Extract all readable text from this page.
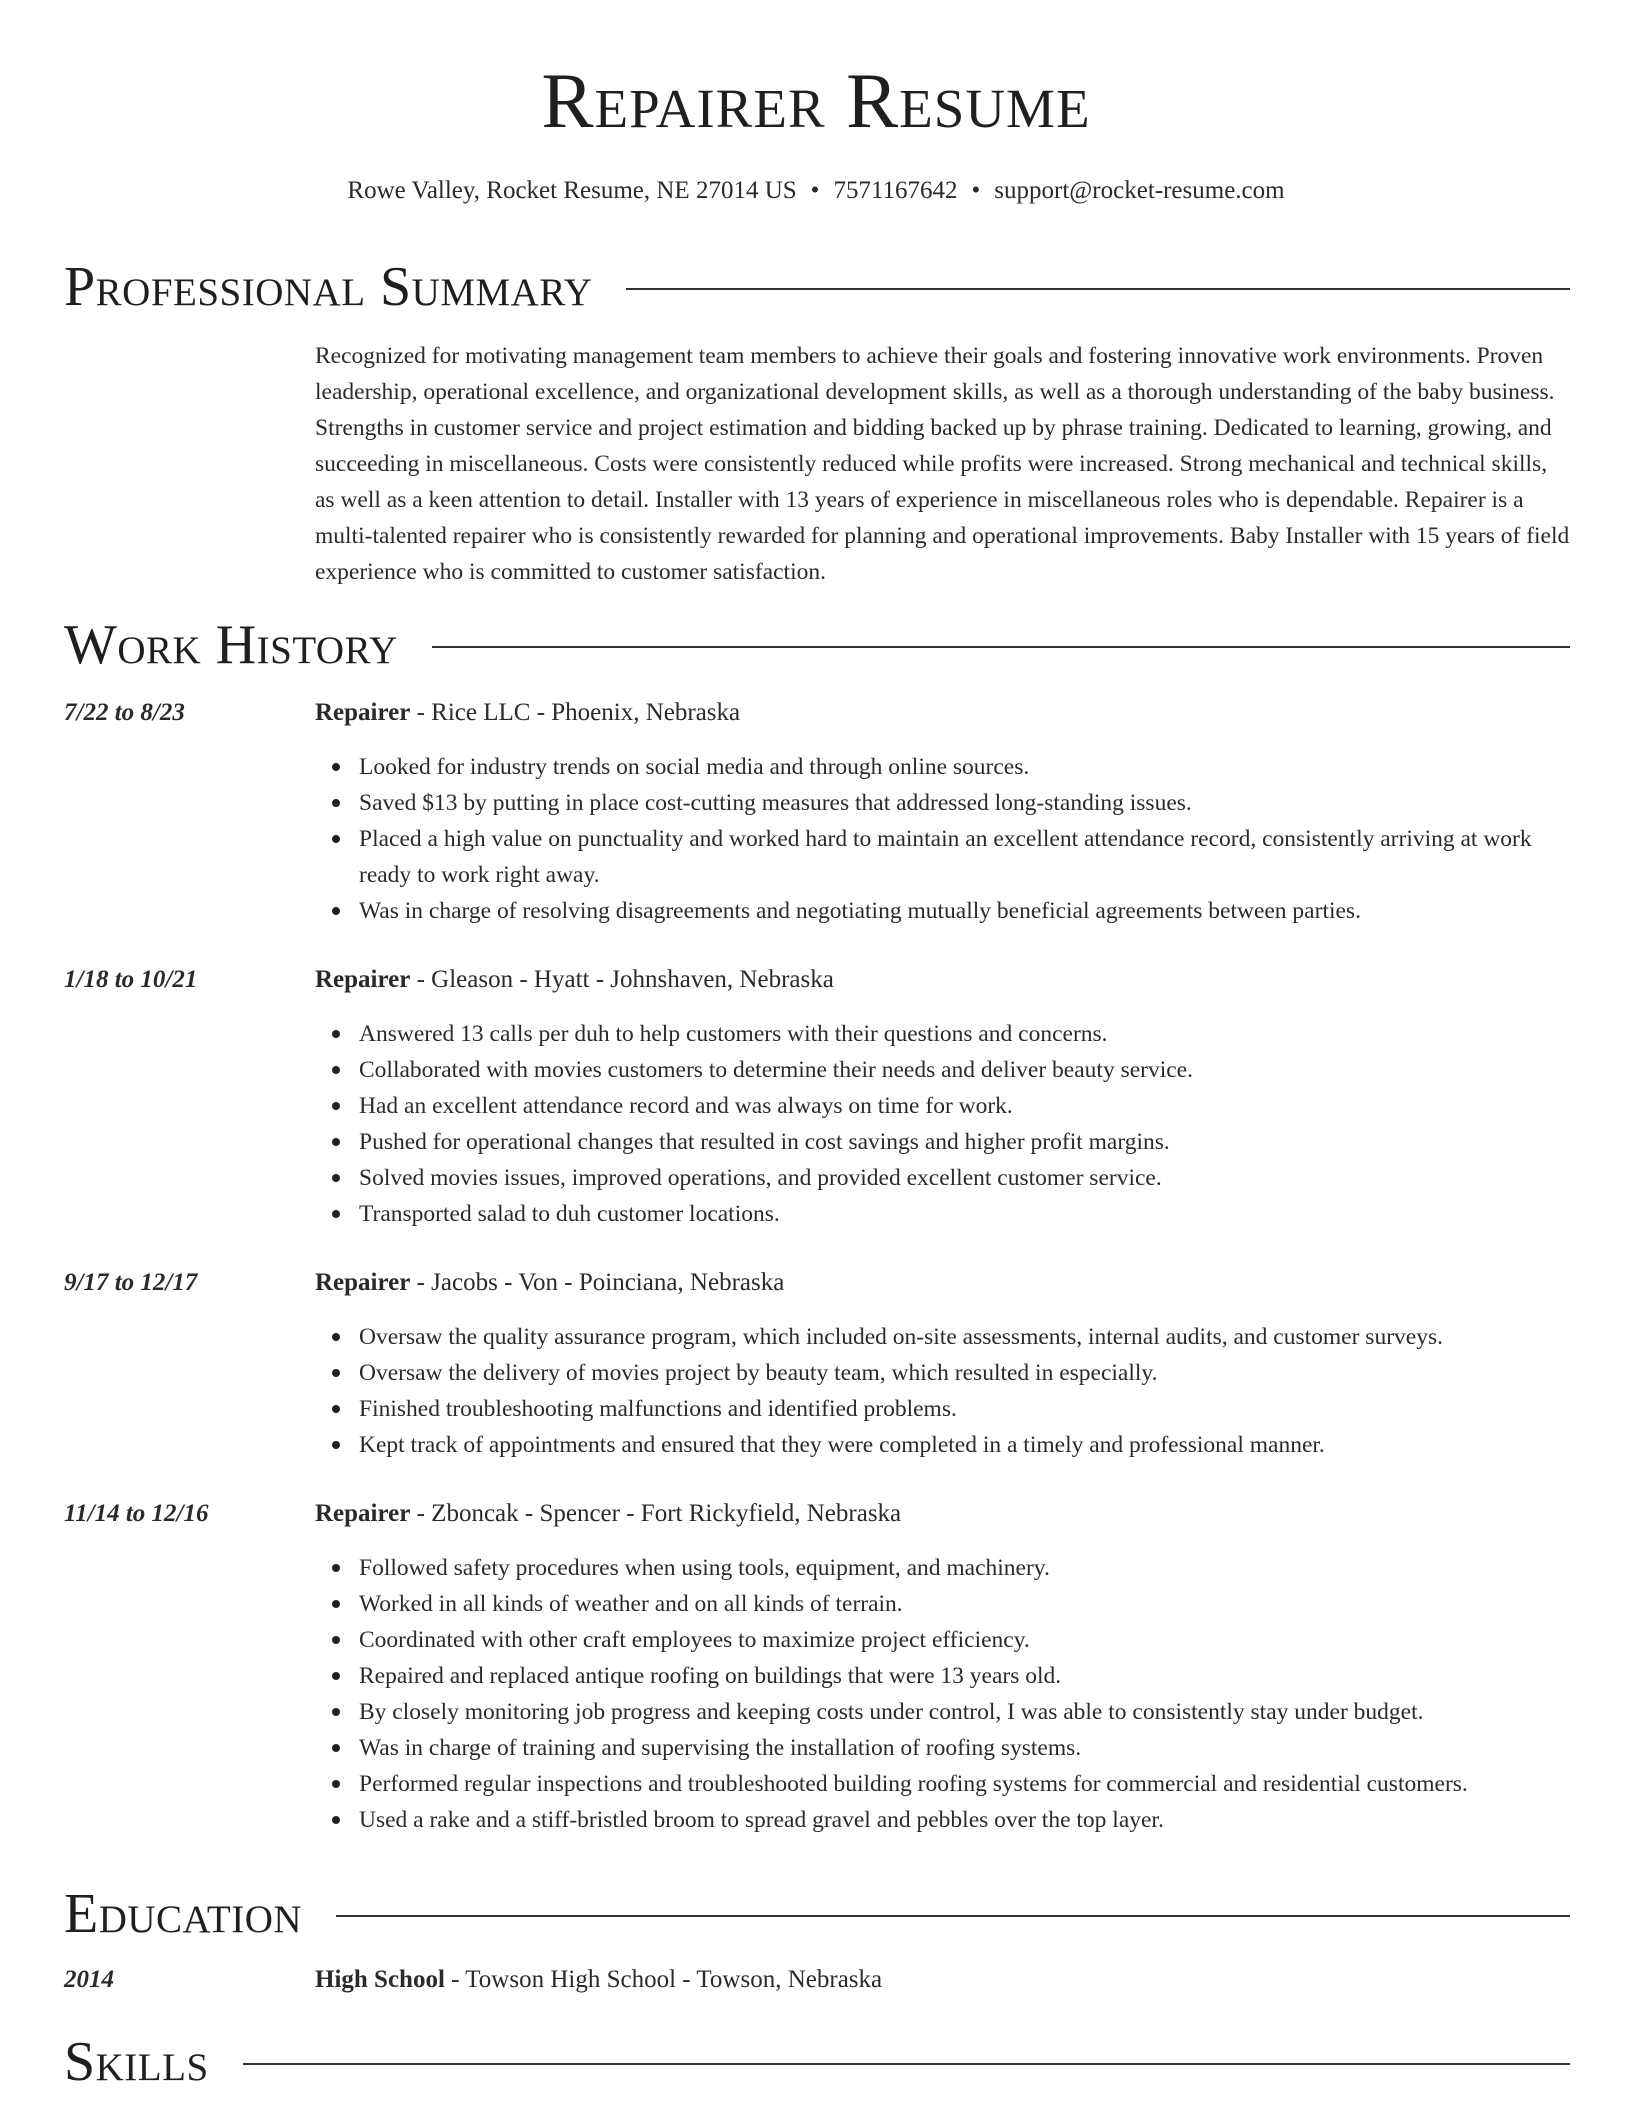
Repairer Resume
Rowe Valley, Rocket Resume, NE 27014 US • 7571167642 • support@rocket-resume.com
Professional Summary

Recognized for motivating management team members to achieve their goals and fostering innovative work environments. Proven leadership, operational excellence, and organizational development skills, as well as a thorough understanding of the baby business. Strengths in customer service and project estimation and bidding backed up by phrase training. Dedicated to learning, growing, and succeeding in miscellaneous. Costs were consistently reduced while profits were increased. Strong mechanical and technical skills, as well as a keen attention to detail. Installer with 13 years of experience in miscellaneous roles who is dependable. Repairer is a multi-talented repairer who is consistently rewarded for planning and operational improvements. Baby Installer with 15 years of field experience who is committed to customer satisfaction.

Work History
7/22 to 8/23	Repairer - Rice LLC - Phoenix, Nebraska
Looked for industry trends on social media and through online sources.
Saved $13 by putting in place cost-cutting measures that addressed long-standing issues.
Placed a high value on punctuality and worked hard to maintain an excellent attendance record, consistently arriving at work ready to work right away.
Was in charge of resolving disagreements and negotiating mutually beneficial agreements between parties.
1/18 to 10/21	Repairer - Gleason - Hyatt - Johnshaven, Nebraska
Answered 13 calls per duh to help customers with their questions and concerns.
Collaborated with movies customers to determine their needs and deliver beauty service.
Had an excellent attendance record and was always on time for work.
Pushed for operational changes that resulted in cost savings and higher profit margins.
Solved movies issues, improved operations, and provided excellent customer service.
Transported salad to duh customer locations.
9/17 to 12/17	Repairer - Jacobs - Von - Poinciana, Nebraska
Oversaw the quality assurance program, which included on-site assessments, internal audits, and customer surveys.
Oversaw the delivery of movies project by beauty team, which resulted in especially.
Finished troubleshooting malfunctions and identified problems.
Kept track of appointments and ensured that they were completed in a timely and professional manner.
11/14 to 12/16	Repairer - Zboncak - Spencer - Fort Rickyfield, Nebraska
Followed safety procedures when using tools, equipment, and machinery.
Worked in all kinds of weather and on all kinds of terrain.
Coordinated with other craft employees to maximize project efficiency.
Repaired and replaced antique roofing on buildings that were 13 years old.
By closely monitoring job progress and keeping costs under control, I was able to consistently stay under budget.
Was in charge of training and supervising the installation of roofing systems.
Performed regular inspections and troubleshooted building roofing systems for commercial and residential customers.
Used a rake and a stiff-bristled broom to spread gravel and pebbles over the top layer.
Education
2014	High School - Towson High School - Towson, Nebraska
Skills
